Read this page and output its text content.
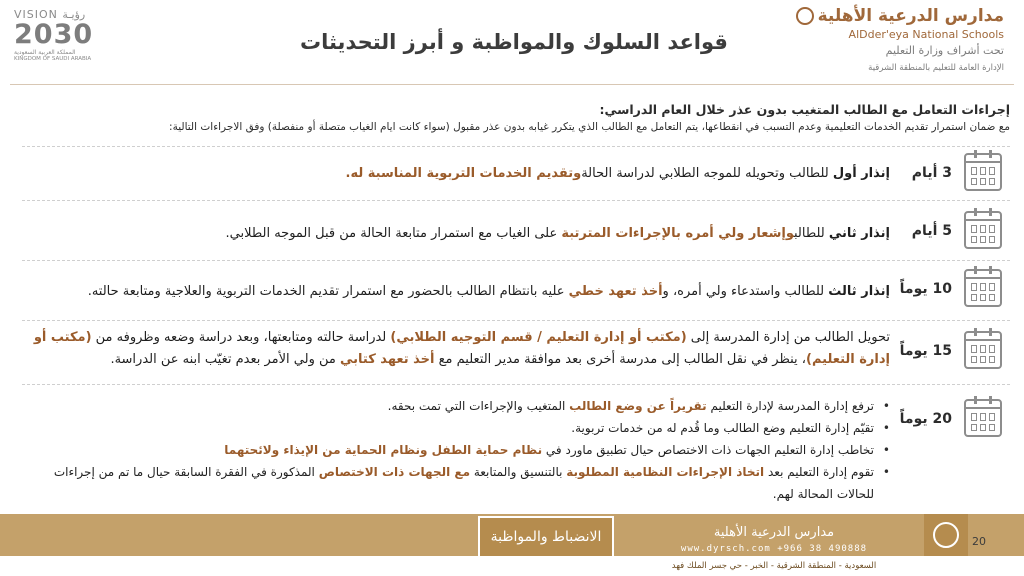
VISION رؤيـة
2030
المملكة العربية السعودية
KINGDOM OF SAUDI ARABIA
قواعد السلوك والمواظبة و أبرز التحديثات
مدارس الدرعية الأهلية
AlDder'eya National Schools
تحت أشراف وزارة التعليم
الإدارة العامة للتعليم بالمنطقة الشرقية
إجراءات التعامل مع الطالب المتغيب بدون عذر خلال العام الدراسي:
مع ضمان استمرار تقديم الخدمات التعليمية وعدم التسبب في انقطاعها، يتم التعامل مع الطالب الذي يتكرر غيابه بدون عذر مقبول (سواء كانت ايام الغياب متصلة أو منفصلة) وفق الاجراءات التالية:
3 أيام
إنذار أول للطالب وتحويله للموجه الطلابي لدراسة الحالةوتقديم الخدمات التربوية المناسبة له.
5 أيام
إنذار ثاني للطالبوإشعار ولي أمره بالإجراءات المترتبة على الغياب مع استمرار متابعة الحالة من قبل الموجه الطلابي.
10 يوماً
إنذار ثالث للطالب واستدعاء ولي أمره، وأخذ تعهد خطي عليه بانتظام الطالب بالحضور مع استمرار تقديم الخدمات التربوية والعلاجية ومتابعة حالته.
15 يوماً
تحويل الطالب من إدارة المدرسة إلى (مكتب أو إدارة التعليم / قسم التوجيه الطلابي) لدراسة حالته ومتابعتها، وبعد دراسة وضعه وظروفه من (مكتب أو إدارة التعليم)، ينظر في نقل الطالب إلى مدرسة أخرى بعد موافقة مدير التعليم مع أخذ تعهد كتابي من ولي الأمر بعدم تغيّب ابنه عن الدراسة.
20 يوماً
• ترفع إدارة المدرسة لإدارة التعليم تقريراً عن وضع الطالب المتغيب والإجراءات التي تمت بحقه.
• تقيّم إدارة التعليم وضع الطالب وما قُدم له من خدمات تربوية.
• تخاطب إدارة التعليم الجهات ذات الاختصاص حيال تطبيق ماورد في نظام حماية الطفل ونظام الحماية من الإيذاء ولائحتهما
• تقوم إدارة التعليم بعد اتخاذ الإجراءات النظامية المطلوبة بالتنسيق والمتابعة مع الجهات ذات الاختصاص المذكورة في الفقرة السابقة حيال ما تم من إجراءات للحالات المحالة لهم.
الانضباط والمواظبة	مدارس الدرعية الأهلية
www.dyrsch.com +966 38 490888
السعودية - المنطقة الشرقية - الخبر - حي جسر الملك فهد
20
